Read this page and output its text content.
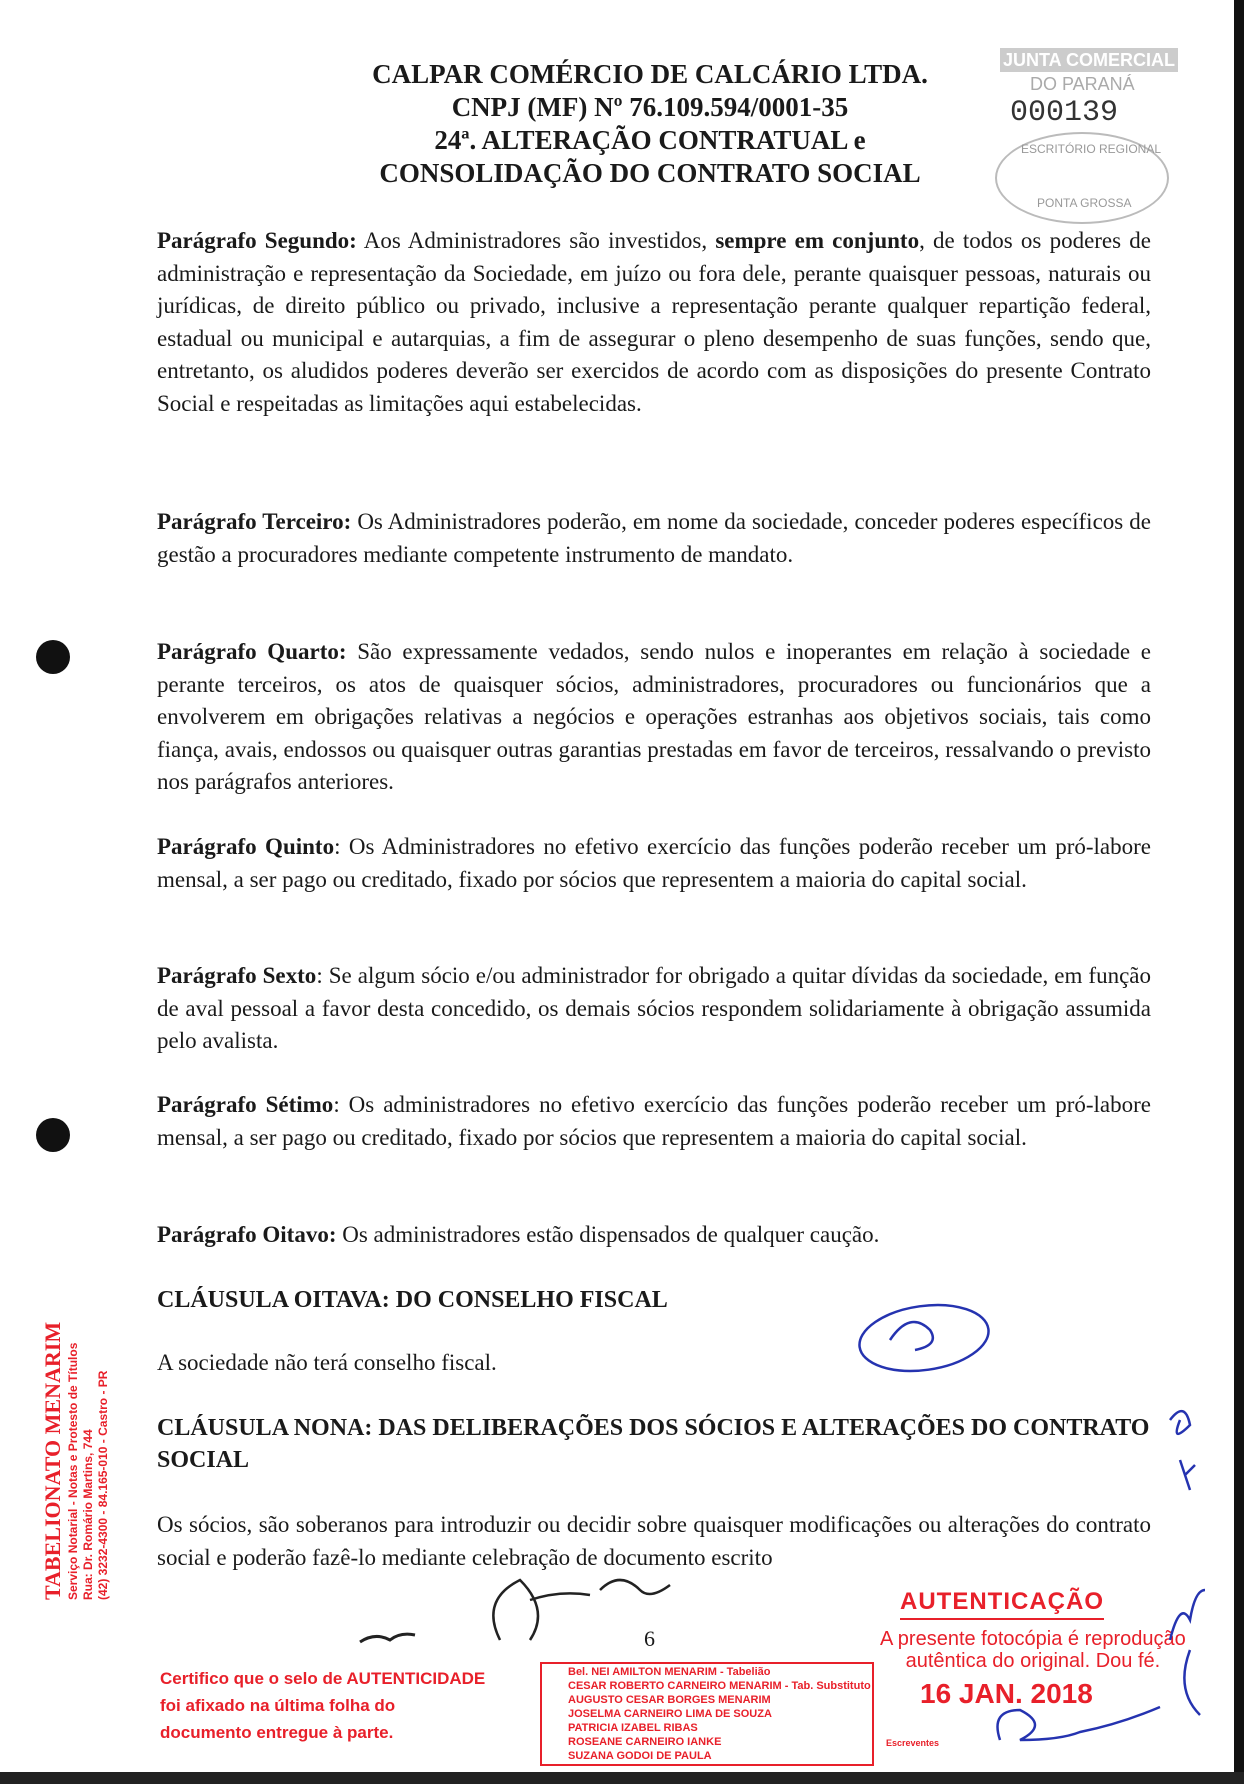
CALPAR COMÉRCIO DE CALCÁRIO LTDA.
CNPJ (MF) Nº 76.109.594/0001-35
24ª. ALTERAÇÃO CONTRATUAL e
CONSOLIDAÇÃO DO CONTRATO SOCIAL
JUNTA COMERCIAL
DO PARANÁ
000139
ESCRITÓRIO REGIONAL
PONTA GROSSA
Parágrafo Segundo: Aos Administradores são investidos, sempre em conjunto, de todos os poderes de administração e representação da Sociedade, em juízo ou fora dele, perante quaisquer pessoas, naturais ou jurídicas, de direito público ou privado, inclusive a representação perante qualquer repartição federal, estadual ou municipal e autarquias, a fim de assegurar o pleno desempenho de suas funções, sendo que, entretanto, os aludidos poderes deverão ser exercidos de acordo com as disposições do presente Contrato Social e respeitadas as limitações aqui estabelecidas.
Parágrafo Terceiro: Os Administradores poderão, em nome da sociedade, conceder poderes específicos de gestão a procuradores mediante competente instrumento de mandato.
Parágrafo Quarto: São expressamente vedados, sendo nulos e inoperantes em relação à sociedade e perante terceiros, os atos de quaisquer sócios, administradores, procuradores ou funcionários que a envolverem em obrigações relativas a negócios e operações estranhas aos objetivos sociais, tais como fiança, avais, endossos ou quaisquer outras garantias prestadas em favor de terceiros, ressalvando o previsto nos parágrafos anteriores.
Parágrafo Quinto: Os Administradores no efetivo exercício das funções poderão receber um pró-labore mensal, a ser pago ou creditado, fixado por sócios que representem a maioria do capital social.
Parágrafo Sexto: Se algum sócio e/ou administrador for obrigado a quitar dívidas da sociedade, em função de aval pessoal a favor desta concedido, os demais sócios respondem solidariamente à obrigação assumida pelo avalista.
Parágrafo Sétimo: Os administradores no efetivo exercício das funções poderão receber um pró-labore mensal, a ser pago ou creditado, fixado por sócios que representem a maioria do capital social.
Parágrafo Oitavo: Os administradores estão dispensados de qualquer caução.
CLÁUSULA OITAVA: DO CONSELHO FISCAL
A sociedade não terá conselho fiscal.
CLÁUSULA NONA: DAS DELIBERAÇÕES DOS SÓCIOS E ALTERAÇÕES DO CONTRATO SOCIAL
Os sócios, são soberanos para introduzir ou decidir sobre quaisquer modificações ou alterações do contrato social e poderão fazê-lo mediante celebração de documento escrito
6
Certifico que o selo de AUTENTICIDADE
foi afixado na última folha do
documento entregue à parte.
TABELIONATO MENARIM Serviço Notarial - Notas e Protesto de Títulos Rua: Dr. Romário Martins, 744 (42) 3232-4300 - 84.165-010 - Castro - PR
AUTENTICAÇÃO
A presente fotocópia é reprodução
autêntica do original. Dou fé.
16 JAN. 2018
Bel. NEI AMILTON MENARIM - Tabelião
CESAR ROBERTO CARNEIRO MENARIM - Tab. Substituto
AUGUSTO CESAR BORGES MENARIM
JOSELMA CARNEIRO LIMA DE SOUZA
PATRICIA IZABEL RIBAS
ROSEANE CARNEIRO IANKE
SUZANA GODOI DE PAULA
Escreventes
